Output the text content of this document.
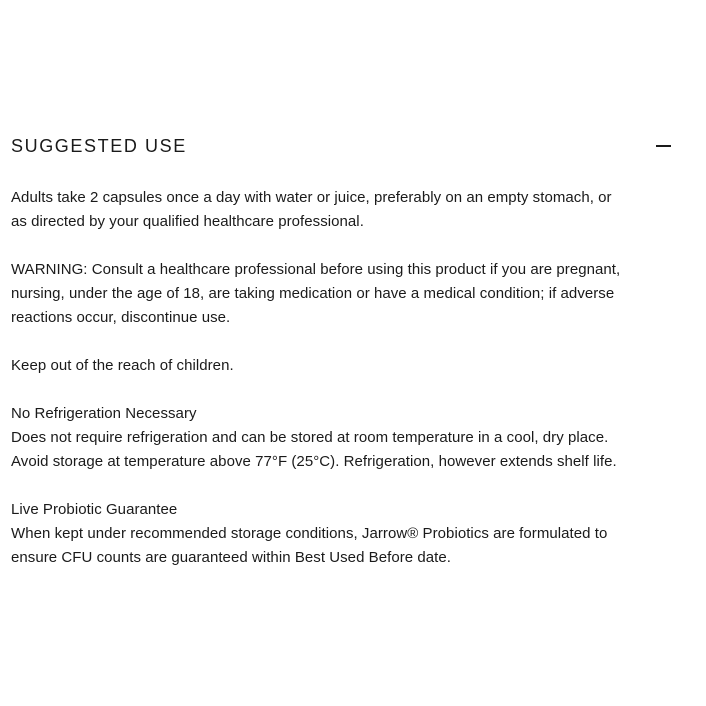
SUGGESTED USE

Adults take 2 capsules once a day with water or juice, preferably on an empty stomach, or
as directed by your qualified healthcare professional.

WARNING: Consult a healthcare professional before using this product if you are pregnant,
nursing, under the age of 18, are taking medication or have a medical condition; if adverse
reactions occur, discontinue use.

Keep out of the reach of children.

No Refrigeration Necessary
Does not require refrigeration and can be stored at room temperature in a cool, dry place.
Avoid storage at temperature above 77°F (25°C). Refrigeration, however extends shelf life.

Live Probiotic Guarantee
When kept under recommended storage conditions, Jarrow® Probiotics are formulated to
ensure CFU counts are guaranteed within Best Used Before date.
